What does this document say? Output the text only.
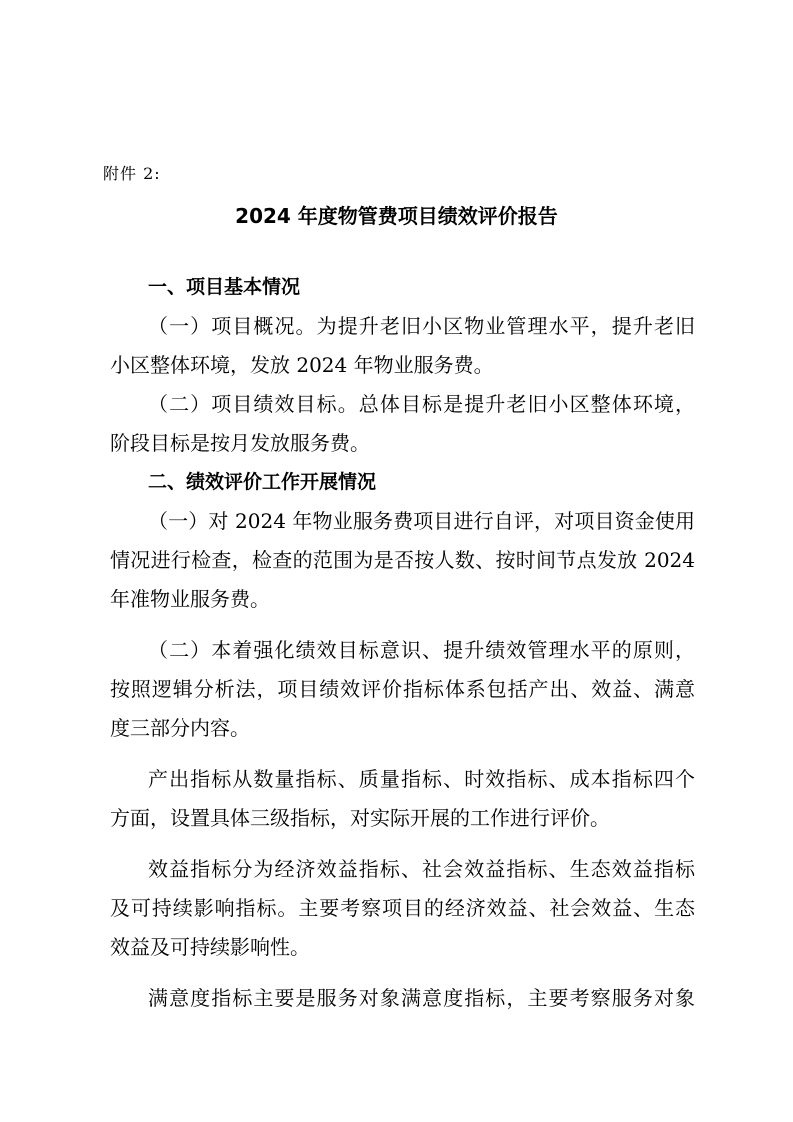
附件 2:
2024 年度物管费项目绩效评价报告
一、项目基本情况
（一）项目概况。为提升老旧小区物业管理水平，提升老旧
小区整体环境，发放 2024 年物业服务费。
（二）项目绩效目标。总体目标是提升老旧小区整体环境，
阶段目标是按月发放服务费。
二、绩效评价工作开展情况
（一）对 2024 年物业服务费项目进行自评，对项目资金使用
情况进行检查，检查的范围为是否按人数、按时间节点发放 2024
年准物业服务费。
（二）本着强化绩效目标意识、提升绩效管理水平的原则，
按照逻辑分析法，项目绩效评价指标体系包括产出、效益、满意
度三部分内容。
产出指标从数量指标、质量指标、时效指标、成本指标四个
方面，设置具体三级指标，对实际开展的工作进行评价。
效益指标分为经济效益指标、社会效益指标、生态效益指标
及可持续影响指标。主要考察项目的经济效益、社会效益、生态
效益及可持续影响性。
满意度指标主要是服务对象满意度指标，主要考察服务对象
